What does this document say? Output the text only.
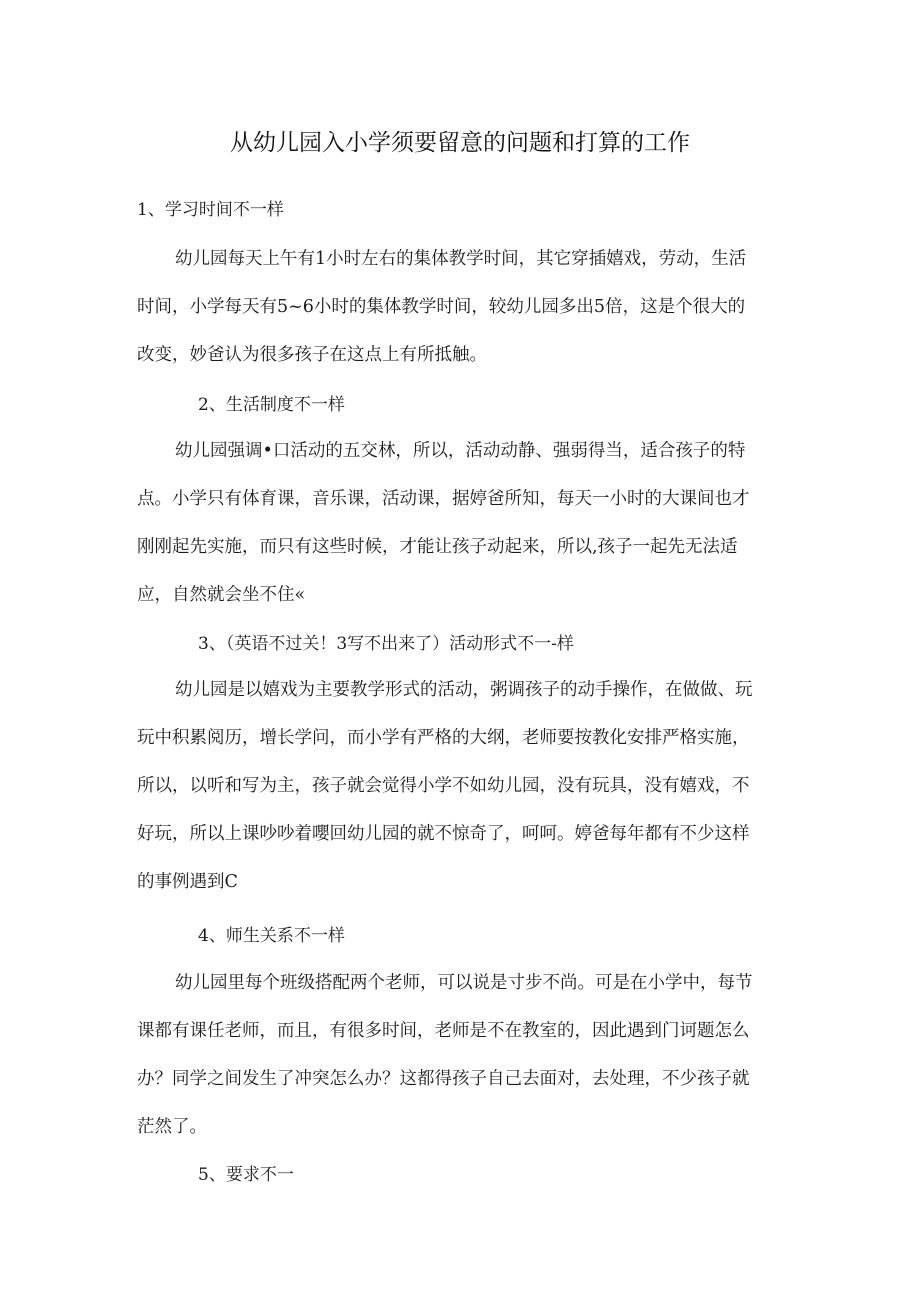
从幼儿园入小学须要留意的问题和打算的工作
1、学习时间不一样
幼儿园每天上午有1小时左右的集体教学时间，其它穿插嬉戏，劳动，生活
时间，小学每天有5~6小时的集体教学时间，较幼儿园多出5倍，这是个很大的
改变，妙爸认为很多孩子在这点上有所抵触。
2、生活制度不一样
幼儿园强调•口活动的五交林，所以，活动动静、强弱得当，适合孩子的特
点。小学只有体育课，音乐课，活动课，据婷爸所知，每天一小时的大课间也才
刚刚起先实施，而只有这些时候，才能让孩子动起来，所以,孩子一起先无法适
应，自然就会坐不住«
3、（英语不过关！3写不出来了）活动形式不一-样
幼儿园是以嬉戏为主要教学形式的活动，粥调孩子的动手操作，在做做、玩
玩中积累阅历，增长学问，而小学有严格的大纲，老师要按教化安排严格实施，
所以，以听和写为主，孩子就会觉得小学不如幼儿园，没有玩具，没有嬉戏，不
好玩，所以上课吵吵着嚶回幼儿园的就不惊奇了，呵呵。婷爸每年都有不少这样
的事例遇到C
4、师生关系不一样
幼儿园里每个班级搭配两个老师，可以说是寸步不尚。可是在小学中，每节
课都有课任老师，而且，有很多时间，老师是不在教室的，因此遇到门诃题怎么
办？同学之间发生了冲突怎么办？这都得孩子自己去面对，去处理，不少孩子就
茫然了。
5、要求不一
